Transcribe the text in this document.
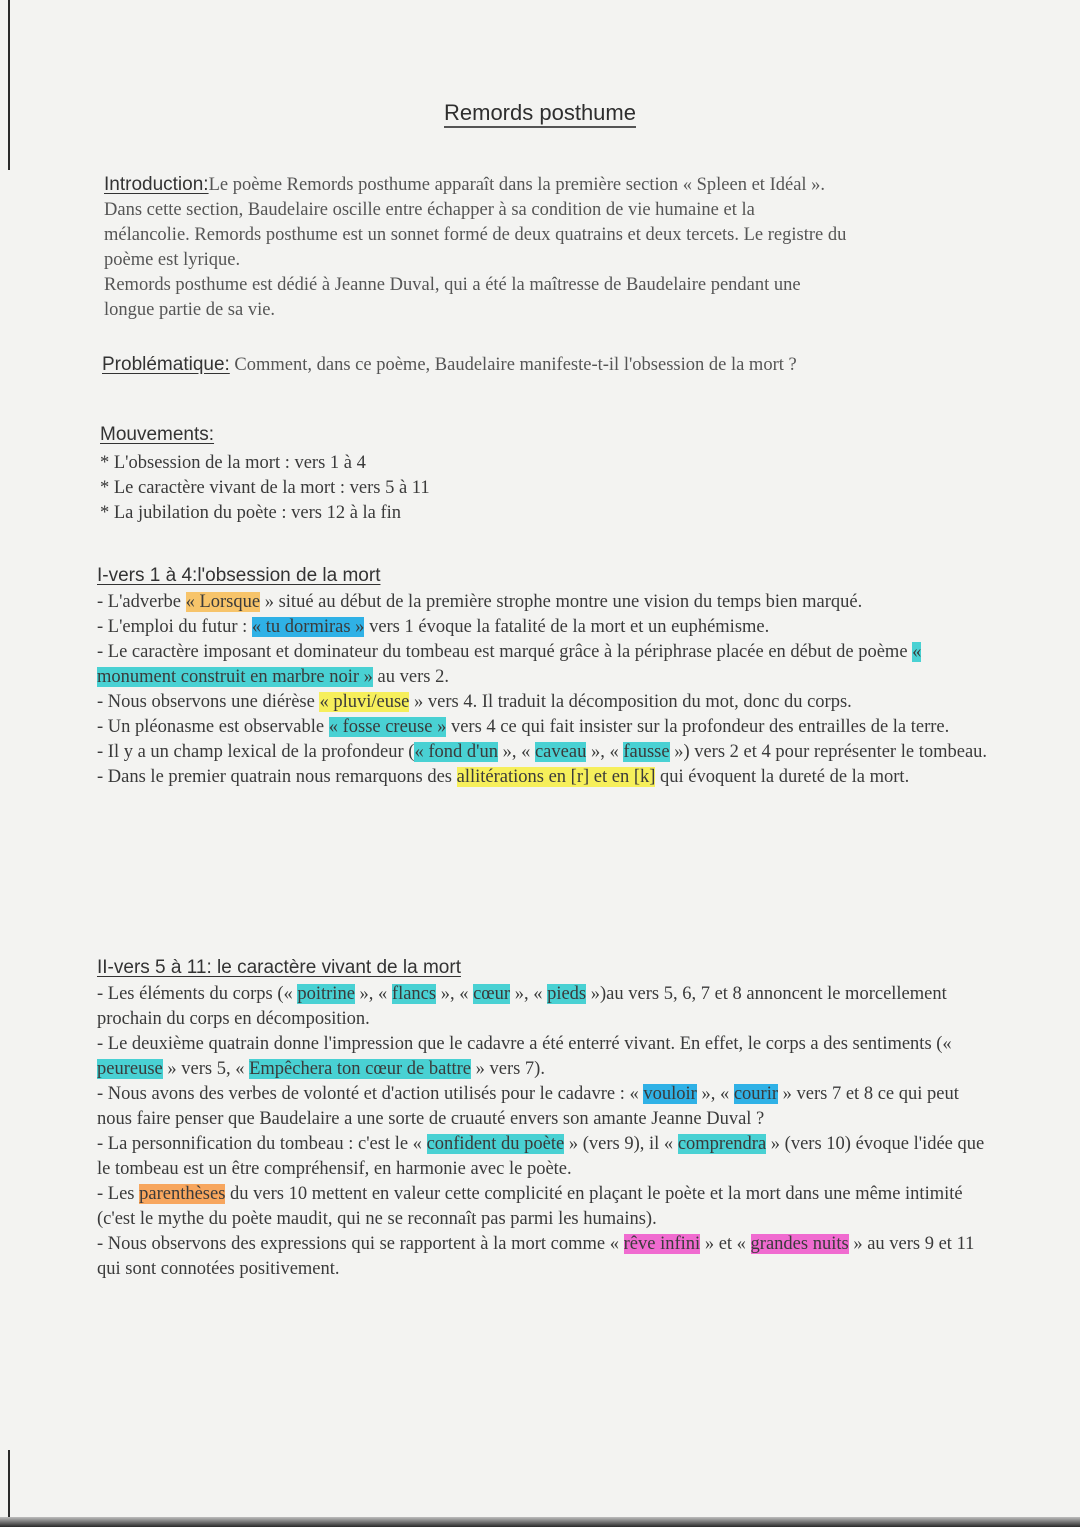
Remords posthume

Introduction:Le poème Remords posthume apparaît dans la première section « Spleen et Idéal ».

Dans cette section, Baudelaire oscille entre échapper à sa condition de vie humaine et la

mélancolie. Remords posthume est un sonnet formé de deux quatrains et deux tercets. Le registre du

poème est lyrique.

Remords posthume est dédié à Jeanne Duval, qui a été la maîtresse de Baudelaire pendant une

longue partie de sa vie.

Problématique: Comment, dans ce poème, Baudelaire manifeste-t-il l'obsession de la mort ?

Mouvements:

* L'obsession de la mort : vers 1 à 4

* Le caractère vivant de la mort : vers 5 à 11

* La jubilation du poète : vers 12 à la fin

I-vers 1 à 4:l'obsession de la mort

- L'adverbe « Lorsque » situé au début de la première strophe montre une vision du temps bien marqué.

- L'emploi du futur : « tu dormiras » vers 1 évoque la fatalité de la mort et un euphémisme.

- Le caractère imposant et dominateur du tombeau est marqué grâce à la périphrase placée en début de poème « monument construit en marbre noir » au vers 2.

- Nous observons une diérèse « pluvi/euse » vers 4. Il traduit la décomposition du mot, donc du corps.

- Un pléonasme est observable « fosse creuse » vers 4 ce qui fait insister sur la profondeur des entrailles de la terre.

- Il y a un champ lexical de la profondeur (« fond d'un », « caveau », « fausse ») vers 2 et 4 pour représenter le tombeau.

- Dans le premier quatrain nous remarquons des allitérations en [r] et en [k] qui évoquent la dureté de la mort.

II-vers 5 à 11: le caractère vivant de la mort

- Les éléments du corps (« poitrine », « flancs », « cœur », « pieds »)au vers 5, 6, 7 et 8 annoncent le morcellement prochain du corps en décomposition.

- Le deuxième quatrain donne l'impression que le cadavre a été enterré vivant. En effet, le corps a des sentiments (« peureuse » vers 5, « Empêchera ton cœur de battre » vers 7).

- Nous avons des verbes de volonté et d'action utilisés pour le cadavre : « vouloir », « courir » vers 7 et 8 ce qui peut nous faire penser que Baudelaire a une sorte de cruauté envers son amante Jeanne Duval ?

- La personnification du tombeau : c'est le « confident du poète » (vers 9), il « comprendra » (vers 10) évoque l'idée que le tombeau est un être compréhensif, en harmonie avec le poète.

- Les parenthèses du vers 10 mettent en valeur cette complicité en plaçant le poète et la mort dans une même intimité (c'est le mythe du poète maudit, qui ne se reconnaît pas parmi les humains).

- Nous observons des expressions qui se rapportent à la mort comme « rêve infini » et « grandes nuits » au vers 9 et 11 qui sont connotées positivement.
